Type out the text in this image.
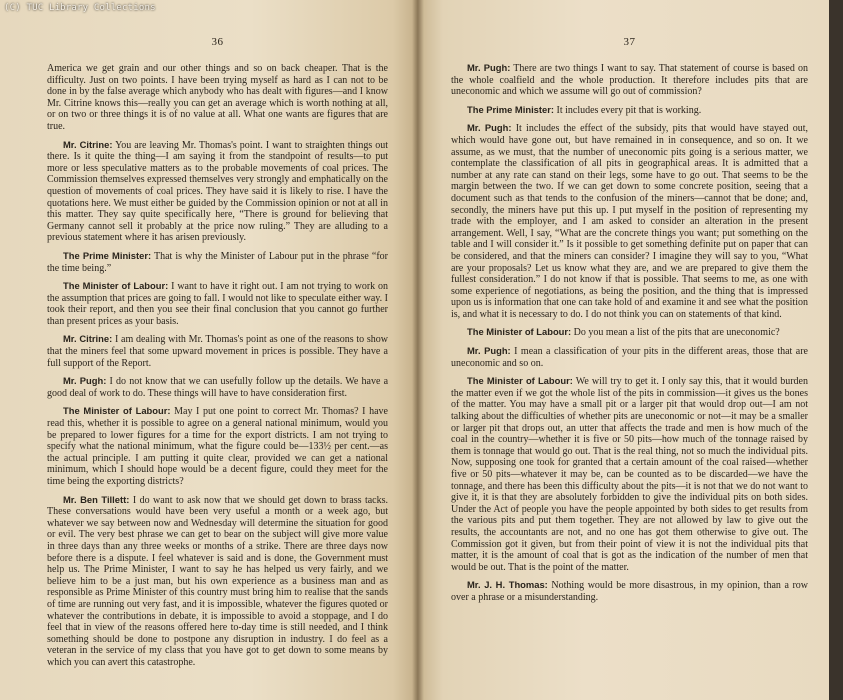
36

America we get grain and our other things and so on back cheaper. That is the difficulty. Just on two points. I have been trying myself as hard as I can not to be done in by the false average which anybody who has dealt with figures—and I know Mr. Citrine knows this—really you can get an average which is worth nothing at all, or on two or three things it is of no value at all. What one wants are figures that are true.

Mr. Citrine: You are leaving Mr. Thomas's point. I want to straighten things out there. Is it quite the thing—I am saying it from the standpoint of results—to put more or less speculative matters as to the probable movements of coal prices. The Commission themselves expressed themselves very strongly and emphatically on the question of movements of coal prices. They have said it is likely to rise. I have the quotations here. We must either be guided by the Commission opinion or not at all in this matter. They say quite specifically here, “There is ground for believing that Germany cannot sell it probably at the price now ruling.” They are alluding to a previous statement where it has arisen previously.

The Prime Minister: That is why the Minister of Labour put in the phrase “for the time being.”

The Minister of Labour: I want to have it right out. I am not trying to work on the assumption that prices are going to fall. I would not like to speculate either way. I took their report, and then you see their final conclusion that you cannot go further than present prices as your basis.

Mr. Citrine: I am dealing with Mr. Thomas's point as one of the reasons to show that the miners feel that some upward movement in prices is possible. They have a full support of the Report.

Mr. Pugh: I do not know that we can usefully follow up the details. We have a good deal of work to do. These things will have to have consideration first.

The Minister of Labour: May I put one point to correct Mr. Thomas? I have read this, whether it is possible to agree on a general national minimum, would you be prepared to lower figures for a time for the export districts. I am not trying to specify what the national minimum, what the figure could be—133½ per cent.—as the actual principle. I am putting it quite clear, provided we can get a national minimum, which I should hope would be a decent figure, could they meet for the time being the exporting districts?

Mr. Ben Tillett: I do want to ask now that we should get down to brass tacks. These conversations would have been very useful a month or a week ago, but whatever we say between now and Wednesday will determine the situation for good or evil. The very best phrase we can get to bear on the subject will give more value in three days than any three weeks or months of a strike. There are three days now before there is a dispute. I feel whatever is said and is done, the Government must help us. The Prime Minister, I want to say he has helped us very fairly, and we believe him to be a just man, but his own experience as a business man and as responsible as Prime Minister of this country must bring him to realise that the sands of time are running out very fast, and it is impossible, whatever the figures quoted or whatever the contributions in debate, it is impossible to avoid a stoppage, and I do feel that in view of the reasons offered here to-day time is still needed, and I think something should be done to postpone any disruption in industry. I do feel as a veteran in the service of my class that you have got to get down to some means by which you can avert this catastrophe.

37

Mr. Pugh: There are two things I want to say. That statement of course is based on the whole coalfield and the whole production. It therefore includes pits that are uneconomic and which we assume will go out of commission?

The Prime Minister: It includes every pit that is working.

Mr. Pugh: It includes the effect of the subsidy, pits that would have stayed out, which would have gone out, but have remained in in consequence, and so on. It we assume, as we must, that the number of uneconomic pits going is a serious matter, we contemplate the classification of all pits in geographical areas. It is admitted that a number at any rate can stand on their legs, some have to go out. That seems to be the margin between the two. If we can get down to some concrete position, seeing that a document such as that tends to the confusion of the miners—cannot that be done; and, secondly, the miners have put this up. I put myself in the position of representing my trade with the employer, and I am asked to consider an alteration in the present arrangement. Well, I say, “What are the concrete things you want; put something on the table and I will consider it.” Is it possible to get something definite put on paper that can be considered, and that the miners can consider? I imagine they will say to you, “What are your proposals? Let us know what they are, and we are prepared to give them the fullest consideration.” I do not know if that is possible. That seems to me, as one with some experience of negotiations, as being the position, and the thing that is impressed upon us is information that one can take hold of and examine it and see what the position is, and what it is necessary to do. I do not think you can on statements of that kind.

The Minister of Labour: Do you mean a list of the pits that are uneconomic?

Mr. Pugh: I mean a classification of your pits in the different areas, those that are uneconomic and so on.

The Minister of Labour: We will try to get it. I only say this, that it would burden the matter even if we got the whole list of the pits in commission—it gives us the bones of the matter. You may have a small pit or a larger pit that would drop out—I am not talking about the difficulties of whether pits are uneconomic or not—it may be a smaller or larger pit that drops out, an utter that affects the trade and men is how much of the coal in the country—whether it is five or 50 pits—how much of the tonnage raised by them is tonnage that would go out. That is the real thing, not so much the individual pits. Now, supposing one took for granted that a certain amount of the coal raised—whether five or 50 pits—whatever it may be, can be counted as to be discarded—we have the tonnage, and there has been this difficulty about the pits—it is not that we do not want to give it, it is that they are absolutely forbidden to give the individual pits on both sides. Under the Act of people you have the people appointed by both sides to get results from the various pits and put them together. They are not allowed by law to give out the results, the accountants are not, and no one has got them otherwise to give out. The Commission got it given, but from their point of view it is not the individual pits that matter, it is the amount of coal that is got as the indication of the number of men that would be out. That is the point of the matter.

Mr. J. H. Thomas: Nothing would be more disastrous, in my opinion, than a row over a phrase or a misunderstanding.

(C) TUC Library Collections
